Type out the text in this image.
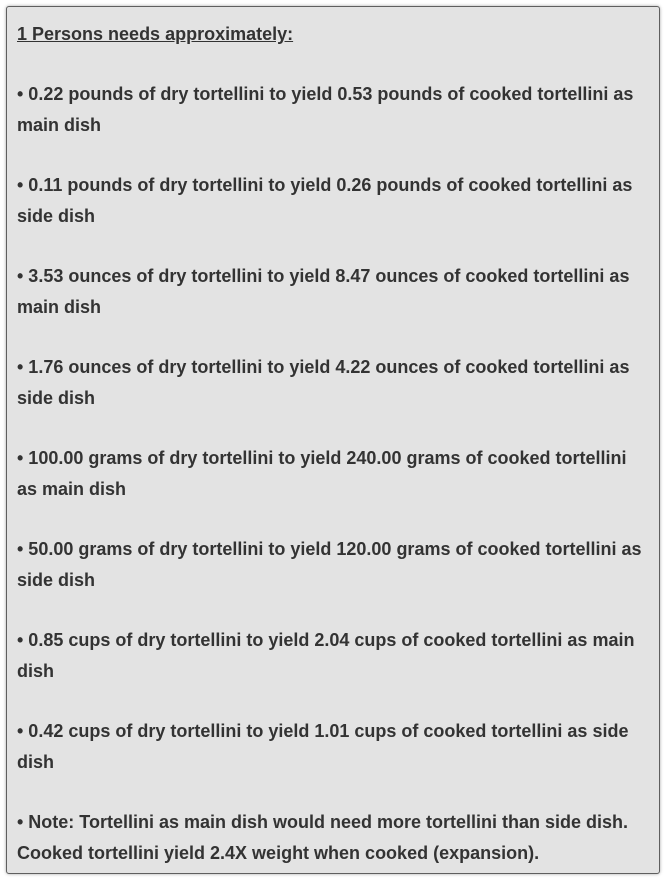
1 Persons needs approximately:
• 0.22 pounds of dry tortellini to yield 0.53 pounds of cooked tortellini as main dish
• 0.11 pounds of dry tortellini to yield 0.26 pounds of cooked tortellini as side dish
• 3.53 ounces of dry tortellini to yield 8.47 ounces of cooked tortellini as main dish
• 1.76 ounces of dry tortellini to yield 4.22 ounces of cooked tortellini as side dish
• 100.00 grams of dry tortellini to yield 240.00 grams of cooked tortellini as main dish
• 50.00 grams of dry tortellini to yield 120.00 grams of cooked tortellini as side dish
• 0.85 cups of dry tortellini to yield 2.04 cups of cooked tortellini as main dish
• 0.42 cups of dry tortellini to yield 1.01 cups of cooked tortellini as side dish
• Note: Tortellini as main dish would need more tortellini than side dish. Cooked tortellini yield 2.4X weight when cooked (expansion).
